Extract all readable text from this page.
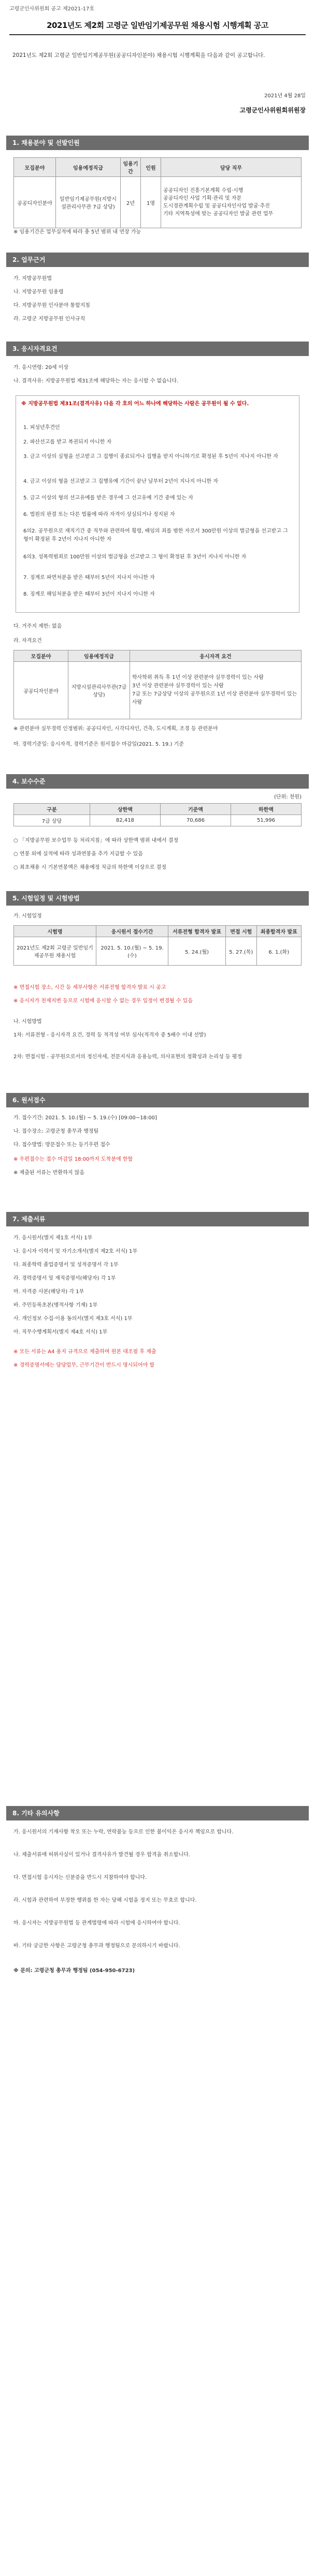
고령군인사위원회 공고 제2021-17호
2021년도 제2회 고령군 일반임기제공무원 채용시험 시행계획 공고
2021년도 제2회 고령군 일반임기제공무원(공공디자인분야) 채용시험 시행계획을 다음과 같이 공고합니다.
2021년 4월 28일
고령군인사위원회위원장
1. 채용분야 및 선발인원
모집분야	임용예정직급	임용기간	인원	담당 직무
공공디자인분야	일반임기제공무원(지방시설관리사무관 7급 상당)	2년	1명	공공디자인 진흥기본계획 수립·시행
공공디자인 사업 기획·관리 및 자문
도시경관계획수립 및 공공디자인사업 발굴·추진
기타 지역특성에 맞는 공공디자인 발굴 관련 업무
※ 임용기간은 업무실적에 따라 총 5년 범위 내 연장 가능
2. 업무근거
가. 지방공무원법
나. 지방공무원 임용령
다. 지방공무원 인사분야 통합지침
라. 고령군 지방공무원 인사규칙
3. 응시자격요건
가. 응시연령: 20세 이상
나. 결격사유: 지방공무원법 제31조에 해당하는 자는 응시할 수 없습니다.
※ 지방공무원법 제31조(결격사유) 다음 각 호의 어느 하나에 해당하는 사람은 공무원이 될 수 없다.
1. 피성년후견인
2. 파산선고를 받고 복권되지 아니한 자
3. 금고 이상의 실형을 선고받고 그 집행이 종료되거나 집행을 받지 아니하기로 확정된 후 5년이 지나지 아니한 자
4. 금고 이상의 형을 선고받고 그 집행유예 기간이 끝난 날부터 2년이 지나지 아니한 자
5. 금고 이상의 형의 선고유예를 받은 경우에 그 선고유예 기간 중에 있는 자
6. 법원의 판결 또는 다른 법률에 따라 자격이 상실되거나 정지된 자
6의2. 공무원으로 재직기간 중 직무와 관련하여 횡령, 배임의 죄를 범한 자로서 300만원 이상의 벌금형을 선고받고 그 형이 확정된 후 2년이 지나지 아니한 자
6의3. 성폭력범죄로 100만원 이상의 벌금형을 선고받고 그 형이 확정된 후 3년이 지나지 아니한 자
7. 징계로 파면처분을 받은 때부터 5년이 지나지 아니한 자
8. 징계로 해임처분을 받은 때부터 3년이 지나지 아니한 자
다. 거주지 제한: 없음
라. 자격요건
모집분야	임용예정직급	응시자격 요건
공공디자인분야	지방시설관리사무관(7급 상당)	학사학위 취득 후 1년 이상 관련분야 실무경력이 있는 사람
3년 이상 관련분야 실무경력이 있는 사람
7급 또는 7급상당 이상의 공무원으로 1년 이상 관련분야 실무경력이 있는 사람
※ 관련분야 실무경력 인정범위: 공공디자인, 시각디자인, 건축, 도시계획, 조경 등 관련분야
마. 경력기준일: 응시자격, 경력기준은 원서접수 마감일(2021. 5. 19.) 기준
4. 보수수준
(단위: 천원)
구분	상한액	기준액	하한액
7급 상당	82,418	70,686	51,996
○ 「지방공무원 보수업무 등 처리지침」에 따라 상한액 범위 내에서 결정
○ 연봉 외에 실적에 따라 성과연봉을 추가 지급할 수 있음
○ 최초채용 시 기본연봉액은 채용예정 직급의 하한액 이상으로 결정
5. 시험일정 및 시험방법
가. 시험일정
시험명	응시원서 접수기간	서류전형 합격자 발표	면접 시험	최종합격자 발표
2021년도 제2회 고령군 일반임기제공무원 채용시험	2021. 5. 10.(월) ~ 5. 19.(수)	5. 24.(월)	5. 27.(목)	6. 1.(화)
※ 면접시험 장소, 시간 등 세부사항은 서류전형 합격자 발표 시 공고
※ 응시자가 천재지변 등으로 시험에 응시할 수 없는 경우 일정이 변경될 수 있음
나. 시험방법
1차: 서류전형 - 응시자격 요건, 경력 등 적격성 여부 심사(적격자 중 5배수 이내 선발)
2차: 면접시험 - 공무원으로서의 정신자세, 전문지식과 응용능력, 의사표현의 정확성과 논리성 등 평정
6. 원서접수
가. 접수기간: 2021. 5. 10.(월) ~ 5. 19.(수) [09:00~18:00]
나. 접수장소: 고령군청 총무과 행정팀
다. 접수방법: 방문접수 또는 등기우편 접수
※ 우편접수는 접수 마감일 18:00까지 도착분에 한함
※ 제출된 서류는 반환하지 않음
7. 제출서류
가. 응시원서(별지 제1호 서식) 1부
나. 응시자 이력서 및 자기소개서(별지 제2호 서식) 1부
다. 최종학력 졸업증명서 및 성적증명서 각 1부
라. 경력증명서 및 재직증명서(해당자) 각 1부
마. 자격증 사본(해당자) 각 1부
바. 주민등록초본(병적사항 기재) 1부
사. 개인정보 수집·이용 동의서(별지 제3호 서식) 1부
아. 직무수행계획서(별지 제4호 서식) 1부
※ 모든 서류는 A4 용지 규격으로 제출하며 원본 대조필 후 제출
※ 경력증명서에는 담당업무, 근무기간이 반드시 명시되어야 함
8. 기타 유의사항
가. 응시원서의 기재사항 착오 또는 누락, 연락불능 등으로 인한 불이익은 응시자 책임으로 합니다.
나. 제출서류에 허위사실이 있거나 결격사유가 발견될 경우 합격을 취소합니다.
다. 면접시험 응시자는 신분증을 반드시 지참하여야 합니다.
라. 시험과 관련하여 부정한 행위를 한 자는 당해 시험을 정지 또는 무효로 합니다.
마. 응시자는 지방공무원법 등 관계법령에 따라 시험에 응시하여야 합니다.
바. 기타 궁금한 사항은 고령군청 총무과 행정팀으로 문의하시기 바랍니다.
※ 문의: 고령군청 총무과 행정팀 (054-950-6723)
